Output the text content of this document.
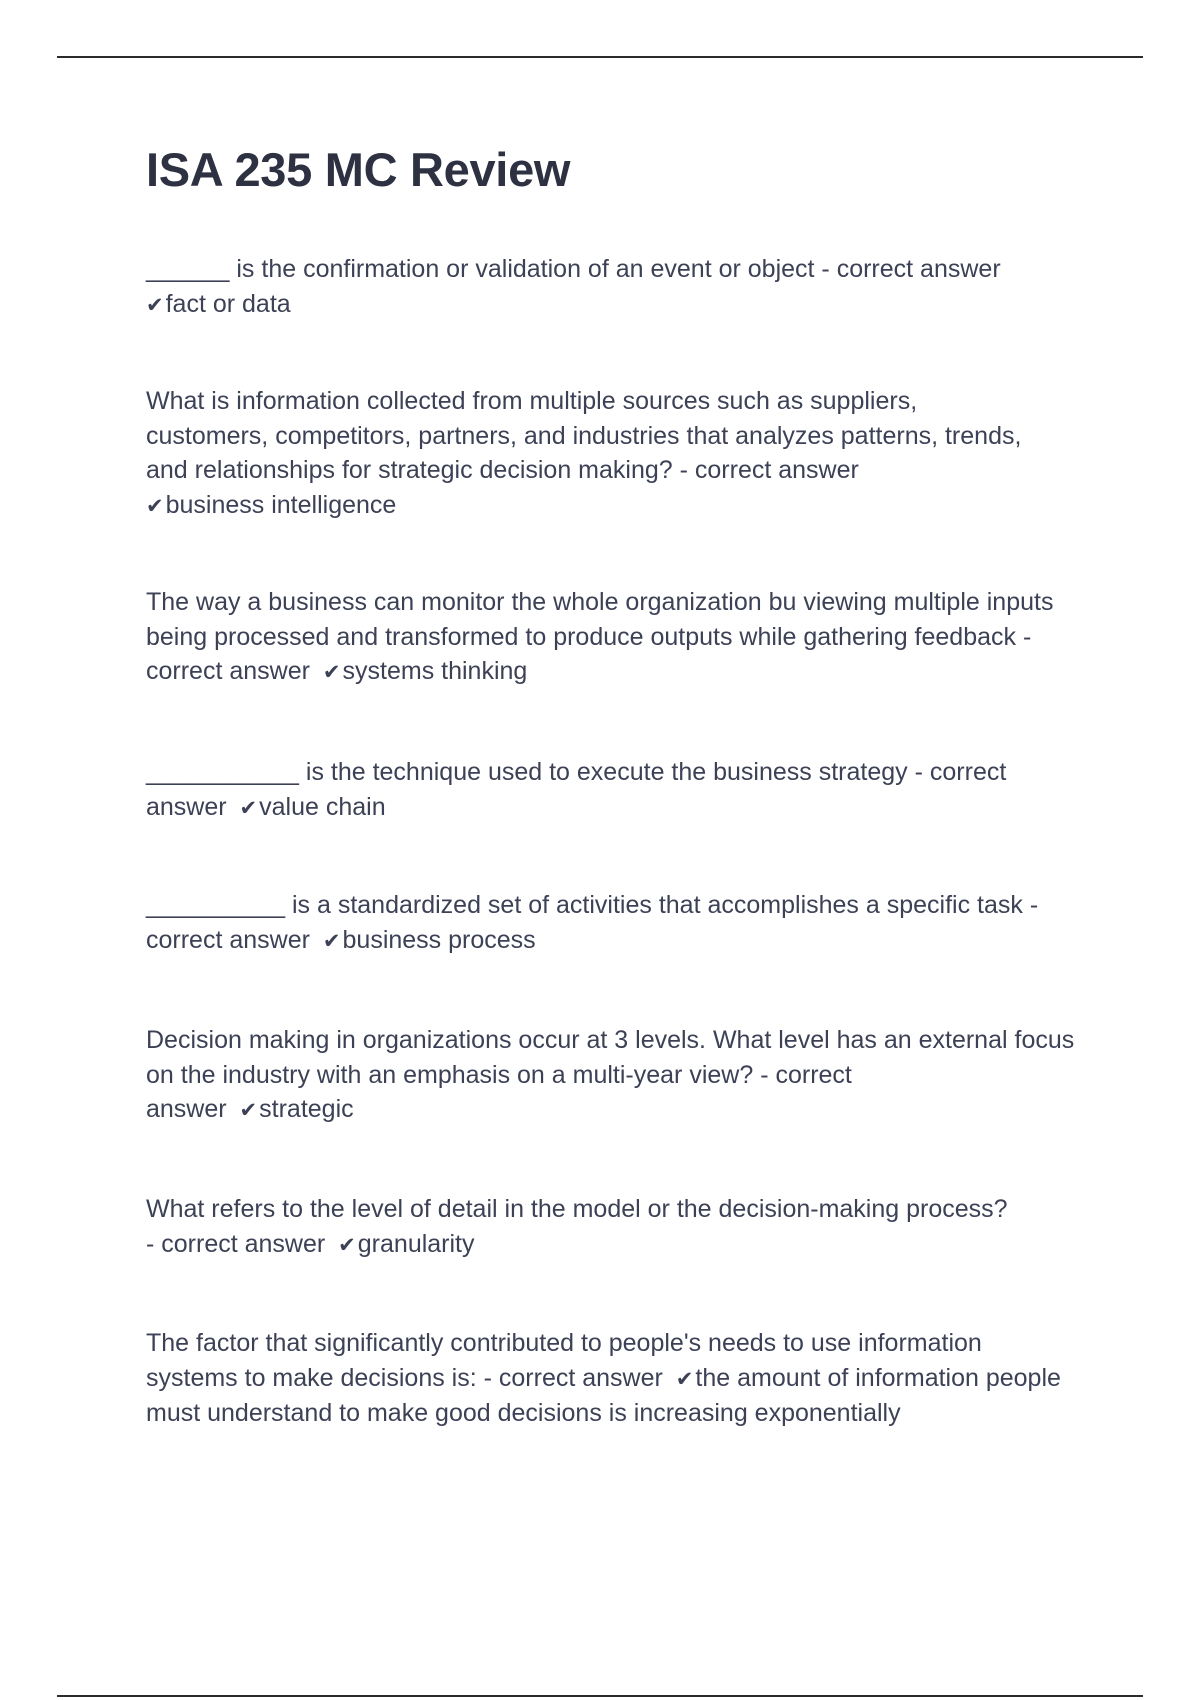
ISA 235 MC Review
______ is the confirmation or validation of an event or object - correct answer
✔fact or data
What is information collected from multiple sources such as suppliers, customers, competitors, partners, and industries that analyzes patterns, trends, and relationships for strategic decision making? - correct answer
✔business intelligence
The way a business can monitor the whole organization bu viewing multiple inputs being processed and transformed to produce outputs while gathering feedback - correct answer ✔systems thinking
___________ is the technique used to execute the business strategy - correct
answer ✔value chain
__________ is a standardized set of activities that accomplishes a specific task - correct answer ✔business process
Decision making in organizations occur at 3 levels. What level has an external focus on the industry with an emphasis on a multi-year view? - correct
answer ✔strategic
What refers to the level of detail in the model or the decision-making process?
- correct answer ✔granularity
The factor that significantly contributed to people's needs to use information systems to make decisions is: - correct answer ✔the amount of information people must understand to make good decisions is increasing exponentially
